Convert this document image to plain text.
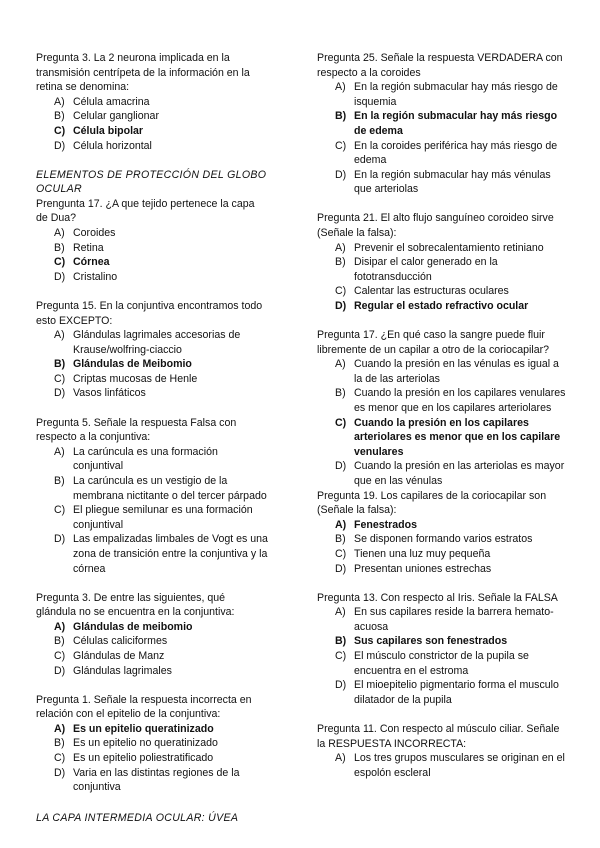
Pregunta 3. La 2 neurona implicada en la transmisión centrípeta de la información en la retina se denomina:

A) Célula amacrina
B) Celular ganglionar
C) Célula bipolar
D) Célula horizontal
ELEMENTOS DE PROTECCIÓN DEL GLOBO OCULAR

Prengunta 17. ¿A que tejido pertenece la capa de Dua?

A) Coroides
B) Retina
C) Córnea
D) Cristalino

Pregunta 15. En la conjuntiva encontramos todo esto EXCEPTO:

A) Glándulas lagrimales accesorias de Krause/wolfring-ciaccio
B) Glándulas de Meibomio
C) Criptas mucosas de Henle
D) Vasos linfáticos

Pregunta 5. Señale la respuesta Falsa con respecto a la conjuntiva:

A) La carúncula es una formación conjuntival
B) La carúncula es un vestigio de la membrana nictitante o del tercer párpado
C) El pliegue semilunar es una formación conjuntival
D) Las empalizadas limbales de Vogt es una zona de transición entre la conjuntiva y la córnea

Pregunta 3. De entre las siguientes, qué glándula no se encuentra en la conjuntiva:

A) Glándulas de meibomio
B) Células caliciformes
C) Glándulas de Manz
D) Glándulas lagrimales

Pregunta 1. Señale la respuesta incorrecta en relación con el epitelio de la conjuntiva:

A) Es un epitelio queratinizado
B) Es un epitelio no queratinizado
C) Es un epitelio poliestratificado
D) Varia en las distintas regiones de la conjuntiva
LA CAPA INTERMEDIA OCULAR: ÚVEA

Pregunta 25. Señale la respuesta VERDADERA con respecto a la coroides

A) En la región submacular hay más riesgo de isquemia
B) En la región submacular hay más riesgo de edema
C) En la coroides periférica hay más riesgo de edema
D) En la región submacular hay más vénulas que arteriolas

Pregunta 21. El alto flujo sanguíneo coroideo sirve (Señale la falsa):

A) Prevenir el sobrecalentamiento retiniano
B) Disipar el calor generado en la fototransducción
C) Calentar las estructuras oculares
D) Regular el estado refractivo ocular

Pregunta 17. ¿En qué caso la sangre puede fluir libremente de un capilar a otro de la coriocapilar?

A) Cuando la presión en las vénulas es igual a la de las arteriolas
B) Cuando la presión en los capilares venulares es menor que en los capilares arteriolares
C) Cuando la presión en los capilares arteriolares es menor que en los capilare venulares
D) Cuando la presión en las arteriolas es mayor que en las vénulas

Pregunta 19. Los capilares de la coriocapilar son (Señale la falsa):

A) Fenestrados
B) Se disponen formando varios estratos
C) Tienen una luz muy pequeña
D) Presentan uniones estrechas

Pregunta 13. Con respecto al Iris. Señale la FALSA

A) En sus capilares reside la barrera hemato-acuosa
B) Sus capilares son fenestrados
C) El músculo constrictor de la pupila se encuentra en el estroma
D) El mioepitelio pigmentario forma el musculo dilatador de la pupila

Pregunta 11. Con respecto al músculo ciliar. Señale la RESPUESTA INCORRECTA:

A) Los tres grupos musculares se originan en el espolón escleral
